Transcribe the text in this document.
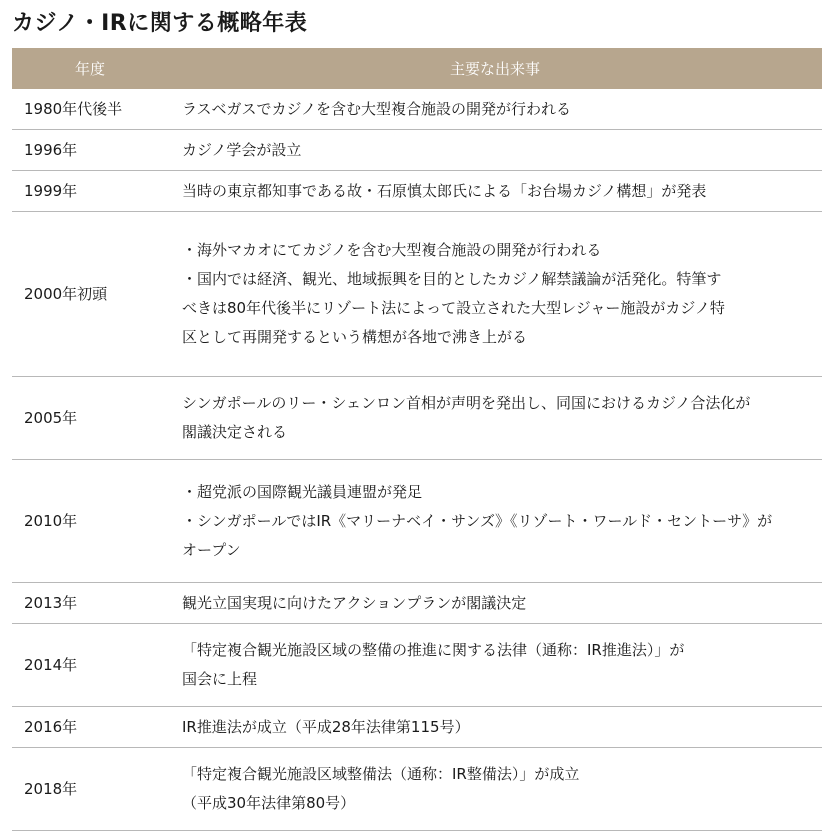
カジノ・IRに関する概略年表
年度	主要な出来事
1980年代後半	ラスベガスでカジノを含む大型複合施設の開発が行われる

1996年	カジノ学会が設立

1999年	当時の東京都知事である故・石原慎太郎氏による「お台場カジノ構想」が発表

2000年初頭	・海外マカオにてカジノを含む大型複合施設の開発が行われる
・国内では経済、観光、地域振興を目的としたカジノ解禁議論が活発化。特筆す
べきは80年代後半にリゾート法によって設立された大型レジャー施設がカジノ特
区として再開発するという構想が各地で沸き上がる

2005年	シンガポールのリー・シェンロン首相が声明を発出し、同国におけるカジノ合法化が
閣議決定される

2010年	・超党派の国際観光議員連盟が発足
・シンガポールではIR《マリーナベイ・サンズ》《リゾート・ワールド・セントーサ》が
オープン

2013年	観光立国実現に向けたアクションプランが閣議決定

2014年	「特定複合観光施設区域の整備の推進に関する法律（通称：IR推進法）」が
国会に上程

2016年	IR推進法が成立（平成28年法律第115号）

2018年	「特定複合観光施設区域整備法（通称：IR整備法）」が成立
（平成30年法律第80号）
